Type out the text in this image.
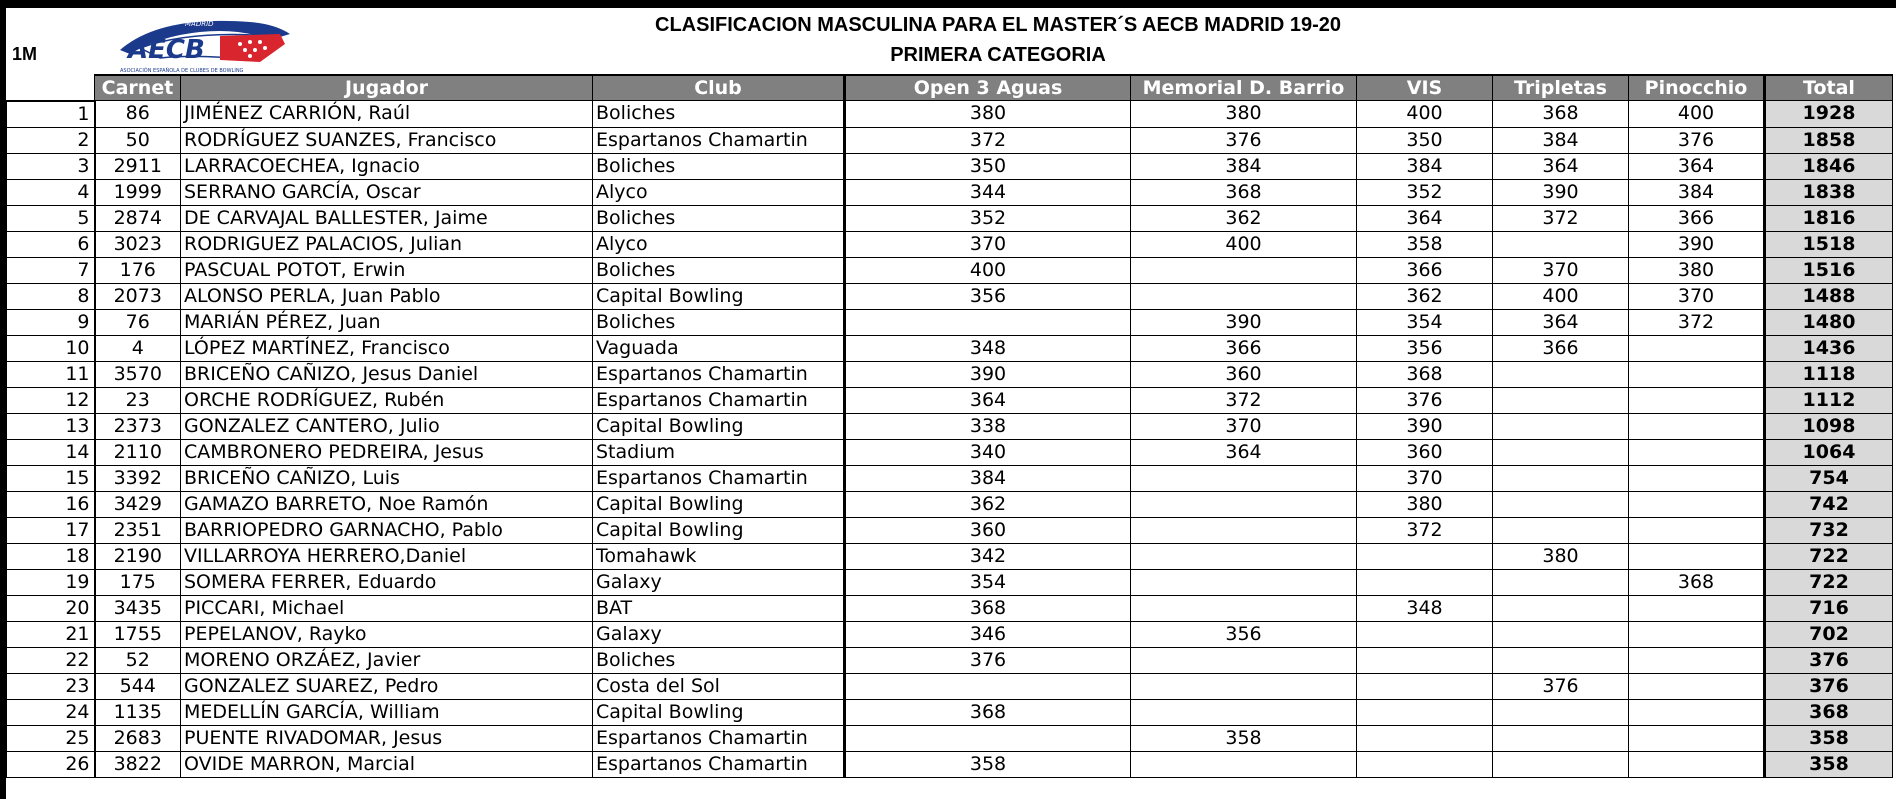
1M
MADRID
AECB
ASOCIACIÓN ESPAÑOLA DE CLUBES DE BOWLING
CLASIFICACION MASCULINA PARA EL MASTER´S AECB MADRID 19-20
PRIMERA CATEGORIA
	Carnet	Jugador	Club	Open 3 Aguas	Memorial D. Barrio	VIS	Tripletas	Pinocchio	Total
1	86	JIMÉNEZ CARRIÓN, Raúl	Boliches	380	380	400	368	400	1928
2	50	RODRÍGUEZ SUANZES, Francisco	Espartanos Chamartin	372	376	350	384	376	1858
3	2911	LARRACOECHEA, Ignacio	Boliches	350	384	384	364	364	1846
4	1999	SERRANO GARCÍA, Oscar	Alyco	344	368	352	390	384	1838
5	2874	DE CARVAJAL BALLESTER, Jaime	Boliches	352	362	364	372	366	1816
6	3023	RODRIGUEZ PALACIOS, Julian	Alyco	370	400	358		390	1518
7	176	PASCUAL POTOT, Erwin	Boliches	400		366	370	380	1516
8	2073	ALONSO PERLA, Juan Pablo	Capital Bowling	356		362	400	370	1488
9	76	MARIÁN PÉREZ, Juan	Boliches		390	354	364	372	1480
10	4	LÓPEZ MARTÍNEZ, Francisco	Vaguada	348	366	356	366		1436
11	3570	BRICEÑO CAÑIZO, Jesus Daniel	Espartanos Chamartin	390	360	368			1118
12	23	ORCHE RODRÍGUEZ, Rubén	Espartanos Chamartin	364	372	376			1112
13	2373	GONZALEZ CANTERO, Julio	Capital Bowling	338	370	390			1098
14	2110	CAMBRONERO PEDREIRA, Jesus	Stadium	340	364	360			1064
15	3392	BRICEÑO CAÑIZO, Luis	Espartanos Chamartin	384		370			754
16	3429	GAMAZO BARRETO, Noe Ramón	Capital Bowling	362		380			742
17	2351	BARRIOPEDRO GARNACHO, Pablo	Capital Bowling	360		372			732
18	2190	VILLARROYA HERRERO,Daniel	Tomahawk	342			380		722
19	175	SOMERA FERRER, Eduardo	Galaxy	354				368	722
20	3435	PICCARI, Michael	BAT	368		348			716
21	1755	PEPELANOV, Rayko	Galaxy	346	356				702
22	52	MORENO ORZÁEZ, Javier	Boliches	376					376
23	544	GONZALEZ SUAREZ, Pedro	Costa del Sol				376		376
24	1135	MEDELLÍN GARCÍA, William	Capital Bowling	368					368
25	2683	PUENTE RIVADOMAR, Jesus	Espartanos Chamartin		358				358
26	3822	OVIDE MARRON, Marcial	Espartanos Chamartin	358					358
